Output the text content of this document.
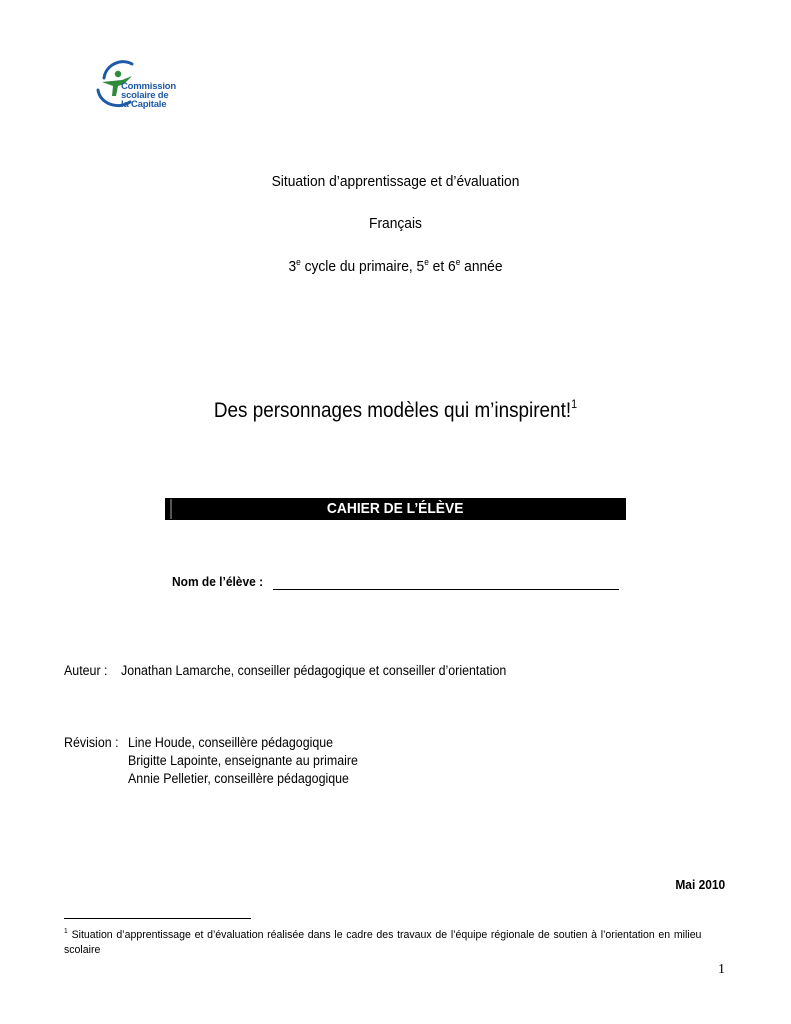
Commission
scolaire de
la Capitale
Situation d’apprentissage et d’évaluation
Français
3e cycle du primaire, 5e et 6e année
Des personnages modèles qui m’inspirent!$^1$
CAHIER DE L’ÉLÈVE
Nom de l’élève :
Auteur : Jonathan Lamarche, conseiller pédagogique et conseiller d’orientation
Révision : Line Houde, conseillère pédagogique
Brigitte Lapointe, enseignante au primaire
Annie Pelletier, conseillère pédagogique
Mai 2010
$^1$ Situation d’apprentissage et d’évaluation réalisée dans le cadre des travaux de l’équipe régionale de soutien à l’orientation en milieu scolaire
1
